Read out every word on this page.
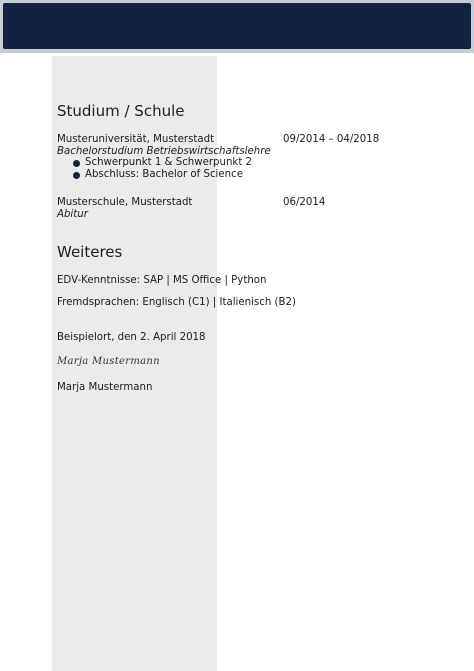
Studium / Schule
Musteruniversität, Musterstadt	09/2014 – 04/2018
Bachelorstudium Betriebswirtschaftslehre
Schwerpunkt 1 & Schwerpunkt 2
Abschluss: Bachelor of Science
Musterschule, Musterstadt	06/2014
Abitur
Weiteres
EDV-Kenntnisse: SAP | MS Office | Python
Fremdsprachen: Englisch (C1) | Italienisch (B2)
Beispielort, den 2. April 2018
Marja Mustermann
Marja Mustermann
